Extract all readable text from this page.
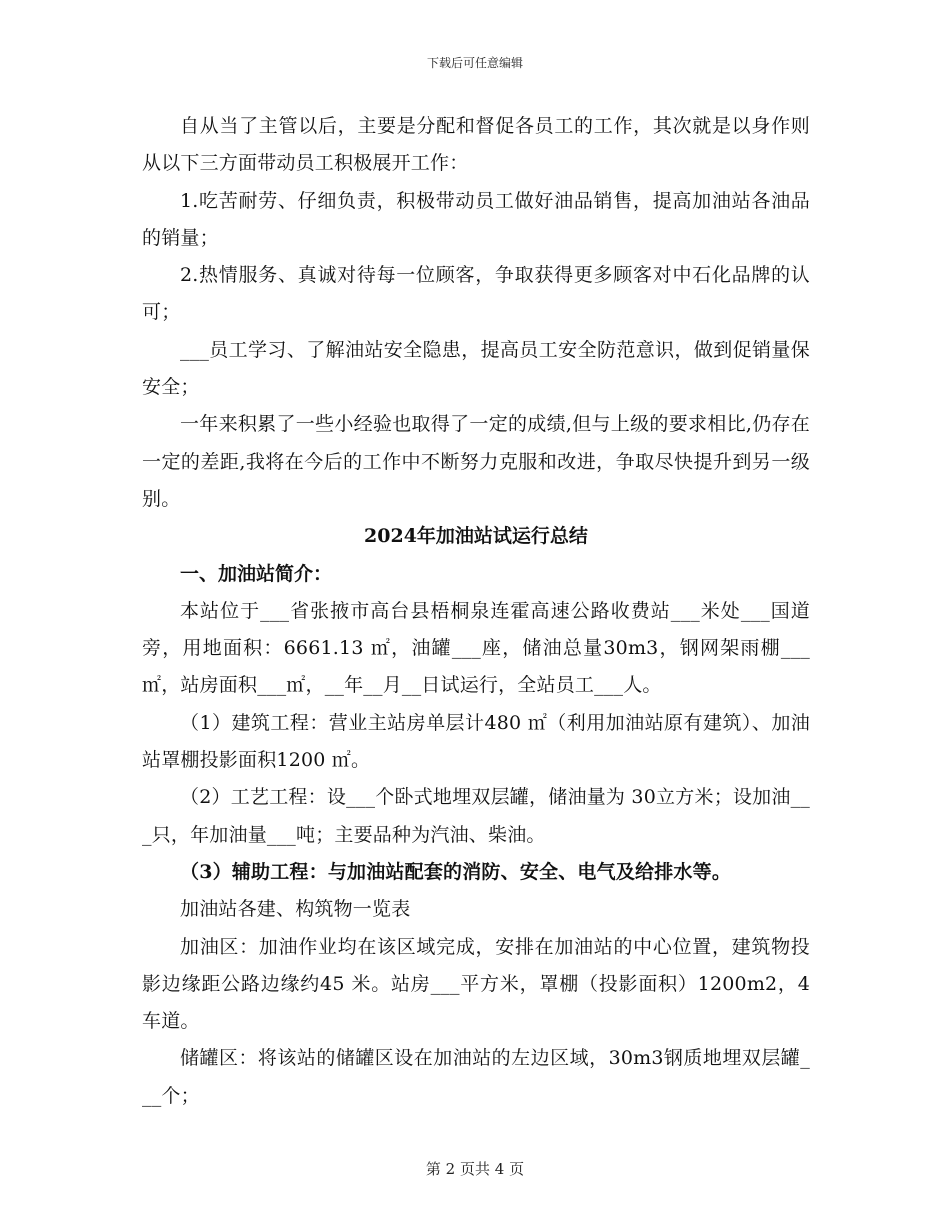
下载后可任意编辑

自从当了主管以后，主要是分配和督促各员工的工作，其次就是以身作则从以下三方面带动员工积极展开工作：

1.吃苦耐劳、仔细负责，积极带动员工做好油品销售，提高加油站各油品的销量；

2.热情服务、真诚对待每一位顾客，争取获得更多顾客对中石化品牌的认可；

___员工学习、了解油站安全隐患，提高员工安全防范意识，做到促销量保安全；

一年来积累了一些小经验也取得了一定的成绩,但与上级的要求相比,仍存在一定的差距,我将在今后的工作中不断努力克服和改进，争取尽快提升到另一级别。

2024年加油站试运行总结

一、加油站简介：

本站位于___省张掖市高台县梧桐泉连霍高速公路收费站___米处___国道旁，用地面积：6661.13 ㎡，油罐___座，储油总量30m3，钢网架雨棚___㎡，站房面积___㎡，__年__月__日试运行，全站员工___人。

（1）建筑工程：营业主站房单层计480 ㎡（利用加油站原有建筑）、加油站罩棚投影面积1200 ㎡。

（2）工艺工程：设___个卧式地埋双层罐，储油量为 30立方米；设加油___只，年加油量___吨；主要品种为汽油、柴油。

（3）辅助工程：与加油站配套的消防、安全、电气及给排水等。

加油站各建、构筑物一览表

加油区：加油作业均在该区域完成，安排在加油站的中心位置，建筑物投影边缘距公路边缘约45 米。站房___平方米，罩棚（投影面积）1200m2，4车道。

储罐区：将该站的储罐区设在加油站的左边区域，30m3钢质地埋双层罐___个；

第 2 页共 4 页
